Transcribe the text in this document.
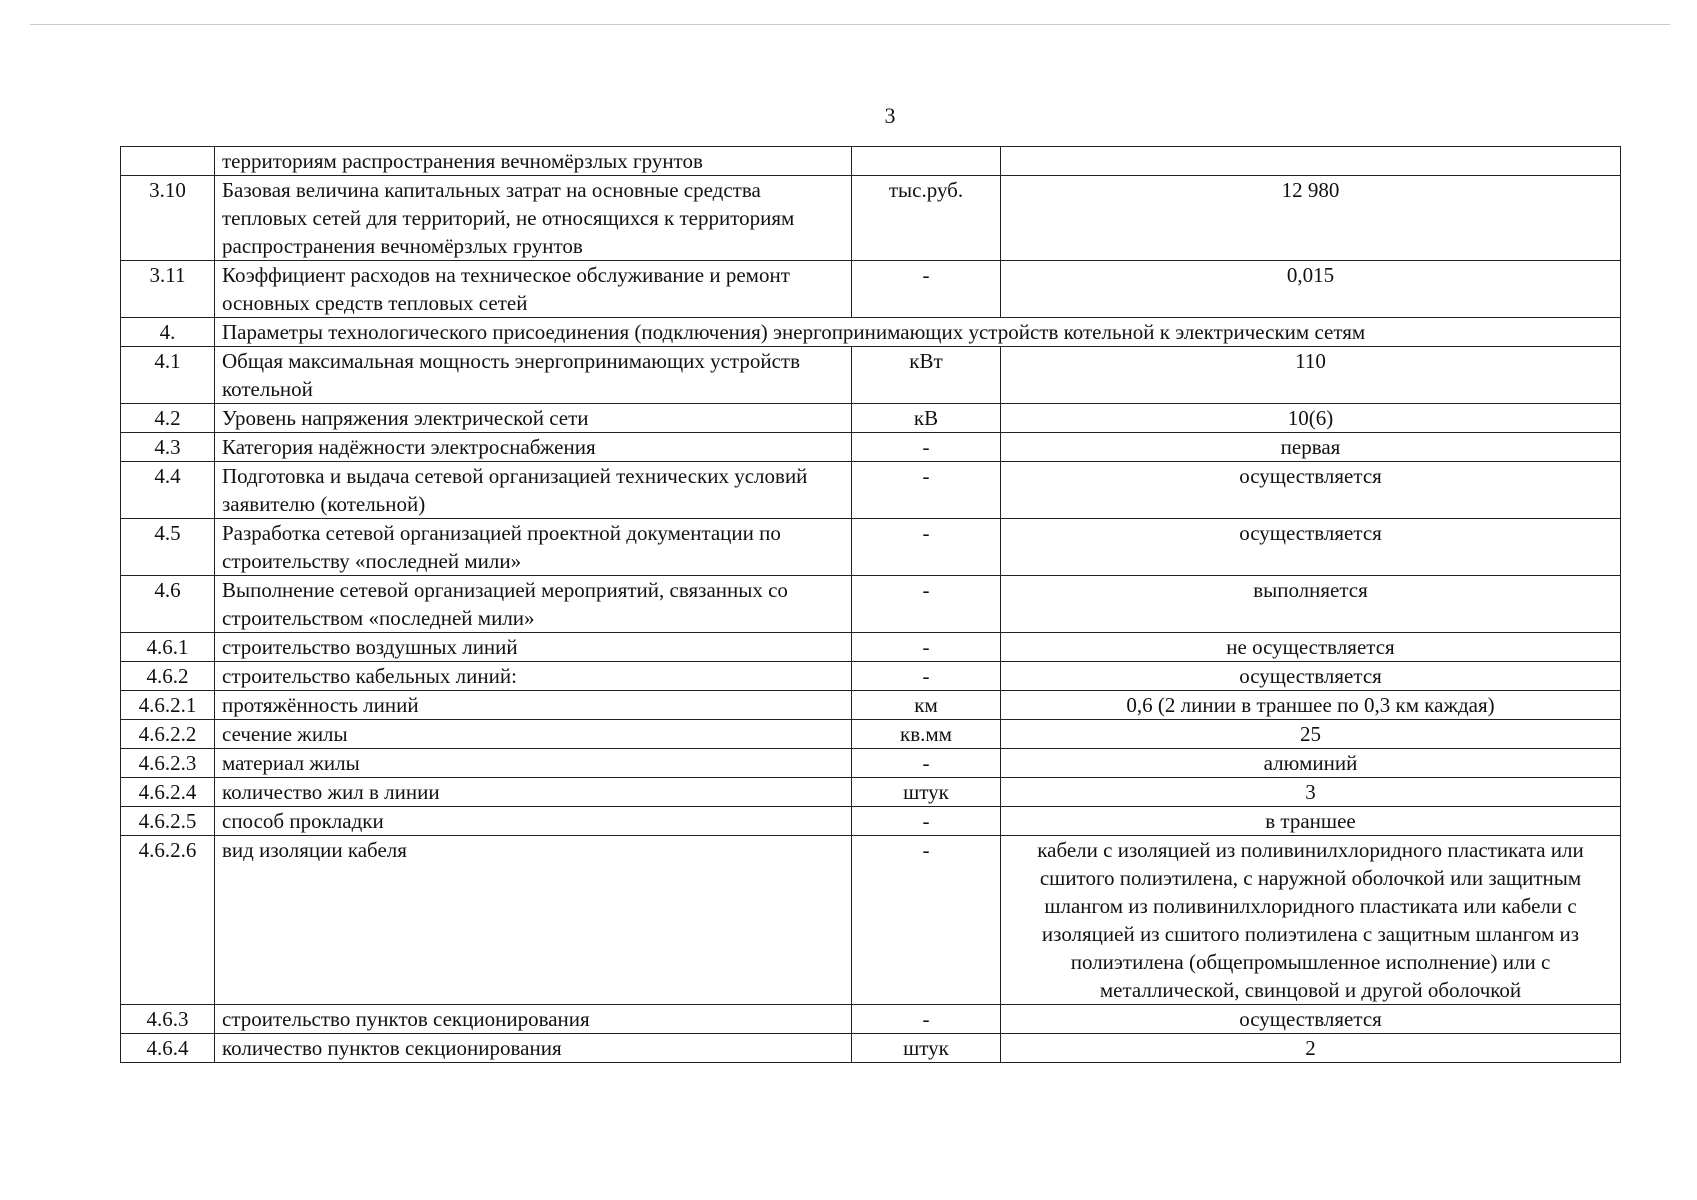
3
	территориям распространения вечномёрзлых грунтов		
3.10	Базовая величина капитальных затрат на основные средства тепловых сетей для территорий, не относящихся к территориям распространения вечномёрзлых грунтов	тыс.руб.	12 980
3.11	Коэффициент расходов на техническое обслуживание и ремонт основных средств тепловых сетей	-	0,015
4.	Параметры технологического присоединения (подключения) энергопринимающих устройств котельной к электрическим сетям		
4.1	Общая максимальная мощность энергопринимающих устройств котельной	кВт	110
4.2	Уровень напряжения электрической сети	кВ	10(6)
4.3	Категория надёжности электроснабжения	-	первая
4.4	Подготовка и выдача сетевой организацией технических условий заявителю (котельной)	-	осуществляется
4.5	Разработка сетевой организацией проектной документации по строительству «последней мили»	-	осуществляется
4.6	Выполнение сетевой организацией мероприятий, связанных со строительством «последней мили»	-	выполняется
4.6.1	строительство воздушных линий	-	не осуществляется
4.6.2	строительство кабельных линий:	-	осуществляется
4.6.2.1	протяжённость линий	км	0,6 (2 линии в траншее по 0,3 км каждая)
4.6.2.2	сечение жилы	кв.мм	25
4.6.2.3	материал жилы	-	алюминий
4.6.2.4	количество жил в линии	штук	3
4.6.2.5	способ прокладки	-	в траншее
4.6.2.6	вид изоляции кабеля	-	кабели с изоляцией из поливинилхлоридного пластиката или сшитого полиэтилена, с наружной оболочкой или защитным шлангом из поливинилхлоридного пластиката или кабели с изоляцией из сшитого полиэтилена с защитным шлангом из полиэтилена (общепромышленное исполнение) или с металлической, свинцовой и другой оболочкой
4.6.3	строительство пунктов секционирования	-	осуществляется
4.6.4	количество пунктов секционирования	штук	2
